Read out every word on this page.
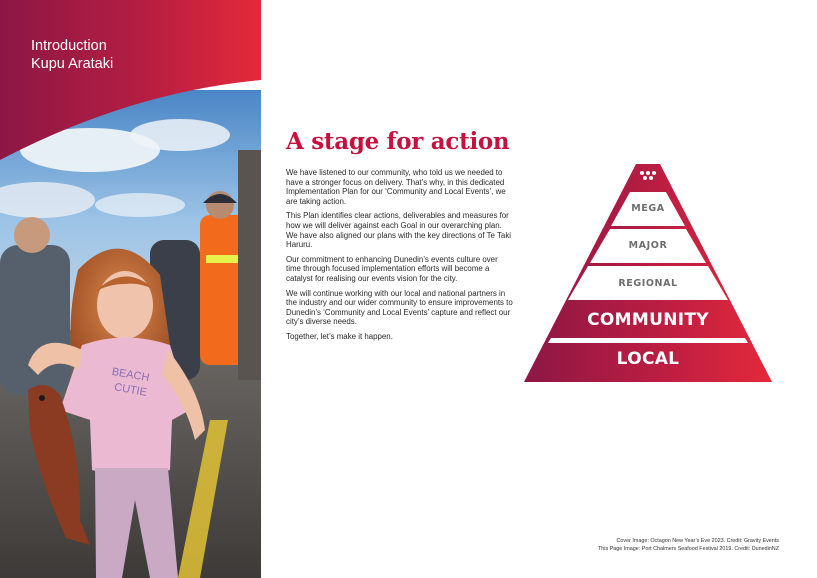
BEACH
CUTIE
Introduction
Kupu Arataki
A stage for action

We have listened to our community, who told us we needed to have a stronger focus on delivery. That’s why, in this dedicated Implementation Plan for our ‘Community and Local Events’, we are taking action.

This Plan identifies clear actions, deliverables and measures for how we will deliver against each Goal in our overarching plan. We have also aligned our plans with the key directions of Te Taki Haruru.

Our commitment to enhancing Dunedin’s events culture over time through focused implementation efforts will become a catalyst for realising our events vision for the city.

We will continue working with our local and national partners in the industry and our wider community to ensure improvements to Dunedin’s ‘Community and Local Events’ capture and reflect our city’s diverse needs.

Together, let’s make it happen.

MEGA
MAJOR
REGIONAL
COMMUNITY
LOCAL
Cover Image: Octagon New Year’s Eve 2023. Credit: Gravity Events
This Page Image: Port Chalmers Seafood Festival 2019. Credit: DunedinNZ
